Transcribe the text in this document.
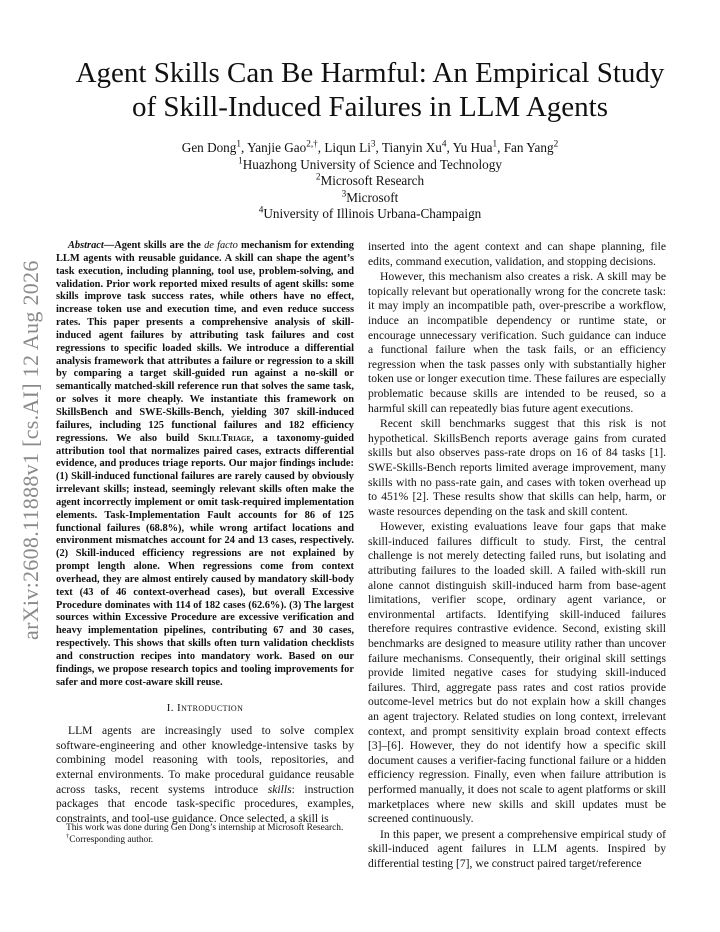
arXiv:2608.11888v1 [cs.AI] 12 Aug 2026
Agent Skills Can Be Harmful: An Empirical Study
of Skill-Induced Failures in LLM Agents
Gen Dong$^1$, Yanjie Gao$^{2,\dagger}$, Liqun Li$^3$, Tianyin Xu$^4$, Yu Hua$^1$, Fan Yang$^2$
$^1$Huazhong University of Science and Technology
$^2$Microsoft Research
$^3$Microsoft
$^4$University of Illinois Urbana-Champaign
Abstract—Agent skills are the de facto mechanism for extending LLM agents with reusable guidance. A skill can shape the agent’s task execution, including planning, tool use, problem-solving, and validation. Prior work reported mixed results of agent skills: some skills improve task success rates, while others have no effect, increase token use and execution time, and even reduce success rates. This paper presents a comprehensive analysis of skill-induced agent failures by attributing task failures and cost regressions to specific loaded skills. We introduce a differential analysis framework that attributes a failure or regression to a skill by comparing a target skill-guided run against a no-skill or semantically matched-skill reference run that solves the same task, or solves it more cheaply. We instantiate this framework on SkillsBench and SWE-Skills-Bench, yielding 307 skill-induced failures, including 125 functional failures and 182 efficiency regressions. We also build SkillTriage, a taxonomy-guided attribution tool that normalizes paired cases, extracts differential evidence, and produces triage reports. Our major findings include: (1) Skill-induced functional failures are rarely caused by obviously irrelevant skills; instead, seemingly relevant skills often make the agent incorrectly implement or omit task-required implementation elements. Task-Implementation Fault accounts for 86 of 125 functional failures (68.8%), while wrong artifact locations and environment mismatches account for 24 and 13 cases, respectively. (2) Skill-induced efficiency regressions are not explained by prompt length alone. When regressions come from context overhead, they are almost entirely caused by mandatory skill-body text (43 of 46 context-overhead cases), but overall Excessive Procedure dominates with 114 of 182 cases (62.6%). (3) The largest sources within Excessive Procedure are excessive verification and heavy implementation pipelines, contributing 67 and 30 cases, respectively. This shows that skills often turn validation checklists and construction recipes into mandatory work. Based on our findings, we propose research topics and tooling improvements for safer and more cost-aware skill reuse.
I. Introduction

LLM agents are increasingly used to solve complex software-engineering and other knowledge-intensive tasks by combining model reasoning with tools, repositories, and external environments. To make procedural guidance reusable across tasks, recent systems introduce skills: instruction packages that encode task-specific procedures, examples, constraints, and tool-use guidance. Once selected, a skill is

inserted into the agent context and can shape planning, file edits, command execution, validation, and stopping decisions.

However, this mechanism also creates a risk. A skill may be topically relevant but operationally wrong for the concrete task: it may imply an incompatible path, over-prescribe a workflow, induce an incompatible dependency or runtime state, or encourage unnecessary verification. Such guidance can induce a functional failure when the task fails, or an efficiency regression when the task passes only with substantially higher token use or longer execution time. These failures are especially problematic because skills are intended to be reused, so a harmful skill can repeatedly bias future agent executions.

Recent skill benchmarks suggest that this risk is not hypothetical. SkillsBench reports average gains from curated skills but also observes pass-rate drops on 16 of 84 tasks [1]. SWE-Skills-Bench reports limited average improvement, many skills with no pass-rate gain, and cases with token overhead up to 451% [2]. These results show that skills can help, harm, or waste resources depending on the task and skill content.

However, existing evaluations leave four gaps that make skill-induced failures difficult to study. First, the central challenge is not merely detecting failed runs, but isolating and attributing failures to the loaded skill. A failed with-skill run alone cannot distinguish skill-induced harm from base-agent limitations, verifier scope, ordinary agent variance, or environmental artifacts. Identifying skill-induced failures therefore requires contrastive evidence. Second, existing skill benchmarks are designed to measure utility rather than uncover failure mechanisms. Consequently, their original skill settings provide limited negative cases for studying skill-induced failures. Third, aggregate pass rates and cost ratios provide outcome-level metrics but do not explain how a skill changes an agent trajectory. Related studies on long context, irrelevant context, and prompt sensitivity explain broad context effects [3]–[6]. However, they do not identify how a specific skill document causes a verifier-facing functional failure or a hidden efficiency regression. Finally, even when failure attribution is performed manually, it does not scale to agent platforms or skill marketplaces where new skills and skill updates must be screened continuously.

In this paper, we present a comprehensive empirical study of skill-induced agent failures in LLM agents. Inspired by differential testing [7], we construct paired target/reference

This work was done during Gen Dong’s internship at Microsoft Research.
†Corresponding author.
